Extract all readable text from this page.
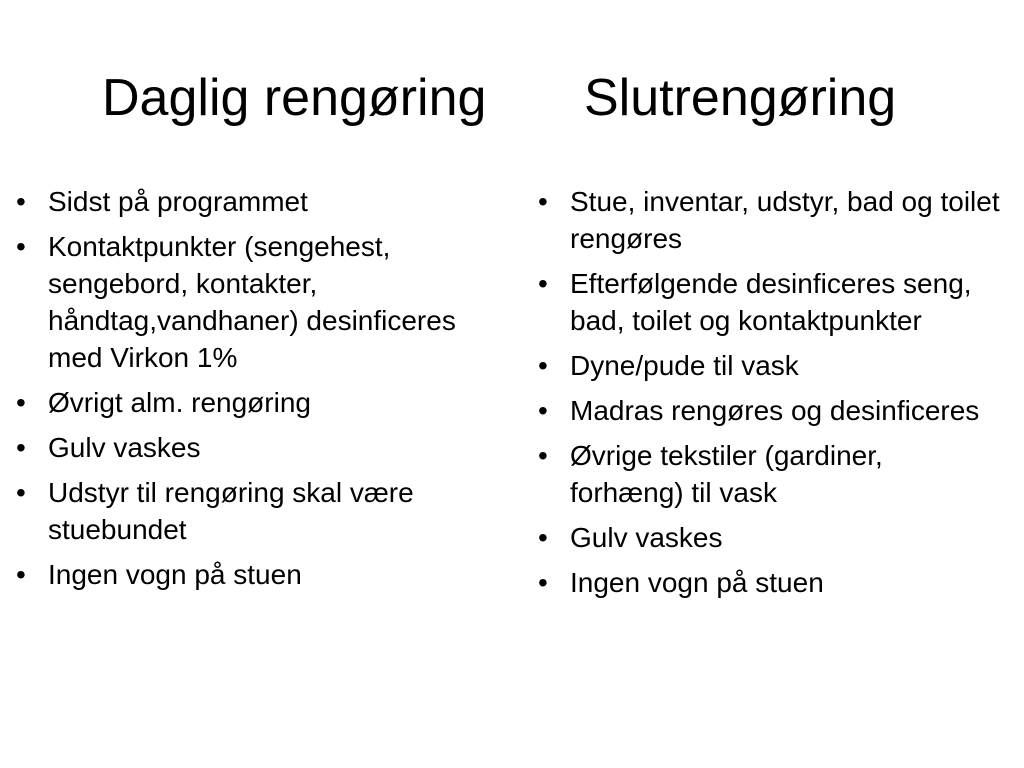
Daglig rengøring Slutrengøring
• Sidst på programmet
• Kontaktpunkter (sengehest, sengebord, kontakter, håndtag,vandhaner) desinficeres med Virkon 1%
• Øvrigt alm. rengøring
• Gulv vaskes
• Udstyr til rengøring skal være stuebundet
• Ingen vogn på stuen
• Stue, inventar, udstyr, bad og toilet rengøres
• Efterfølgende desinficeres seng, bad, toilet og kontaktpunkter
• Dyne/pude til vask
• Madras rengøres og desinficeres
• Øvrige tekstiler (gardiner, forhæng) til vask
• Gulv vaskes
• Ingen vogn på stuen
